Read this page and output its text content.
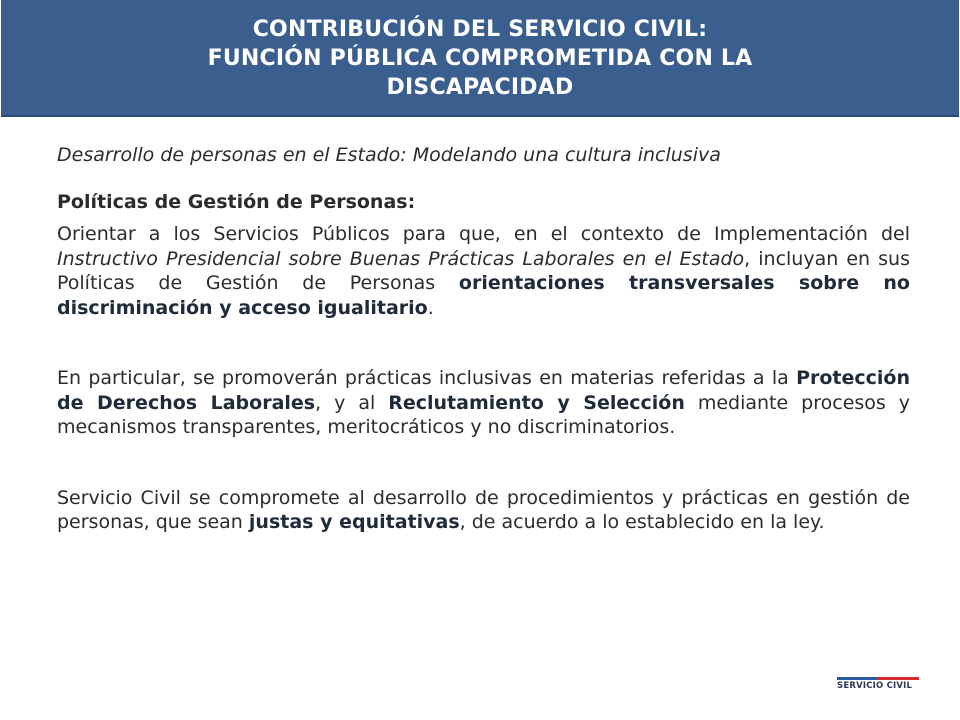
CONTRIBUCIÓN DEL SERVICIO CIVIL:
FUNCIÓN PÚBLICA COMPROMETIDA CON LA
DISCAPACIDAD

Desarrollo de personas en el Estado: Modelando una cultura inclusiva

Políticas de Gestión de Personas:

Orientar a los Servicios Públicos para que, en el contexto de Implementación del Instructivo Presidencial sobre Buenas Prácticas Laborales en el Estado, incluyan en sus Políticas de Gestión de Personas orientaciones transversales sobre no discriminación y acceso igualitario.

En particular, se promoverán prácticas inclusivas en materias referidas a la Protección de Derechos Laborales, y al Reclutamiento y Selección mediante procesos y mecanismos transparentes, meritocráticos y no discriminatorios.

Servicio Civil se compromete al desarrollo de procedimientos y prácticas en gestión de personas, que sean justas y equitativas, de acuerdo a lo establecido en la ley.

SERVICIO CIVIL
